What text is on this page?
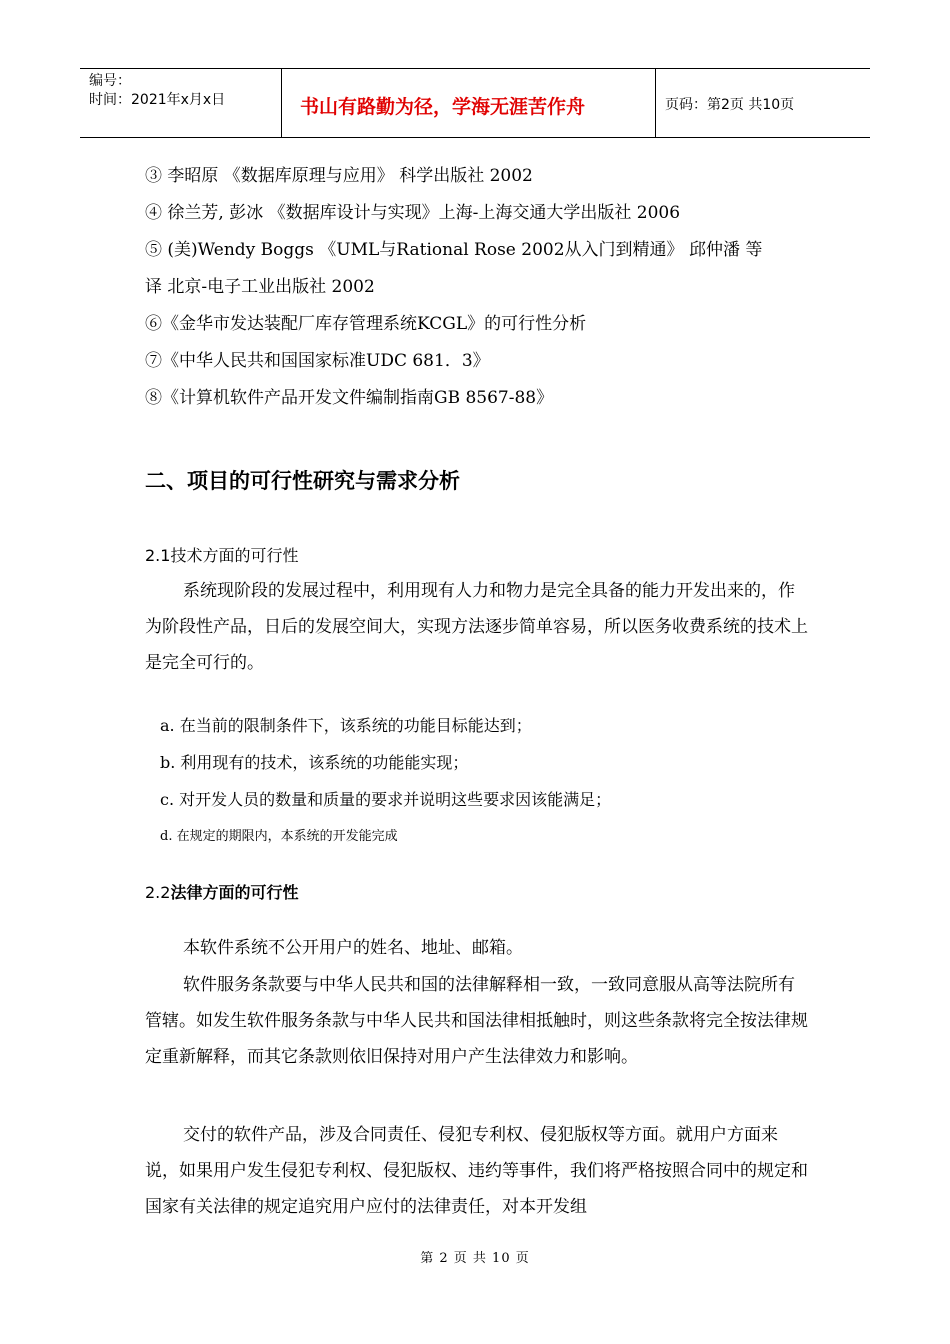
编号：
时间：2021年x月x日	书山有路勤为径，学海无涯苦作舟	页码：第2页 共10页
③ 李昭原 《数据库原理与应用》 科学出版社 2002
④ 徐兰芳, 彭冰 《数据库设计与实现》上海-上海交通大学出版社 2006
⑤ (美)Wendy Boggs 《UML与Rational Rose 2002从入门到精通》 邱仲潘 等
译 北京-电子工业出版社 2002
⑥《金华市发达装配厂库存管理系统KCGL》的可行性分析
⑦《中华人民共和国国家标准UDC 681．3》
⑧《计算机软件产品开发文件编制指南GB 8567-88》
二、项目的可行性研究与需求分析
2.1技术方面的可行性

系统现阶段的发展过程中，利用现有人力和物力是完全具备的能力开发出来的，作为阶段性产品，日后的发展空间大，实现方法逐步简单容易，所以医务收费系统的技术上是完全可行的。

a. 在当前的限制条件下，该系统的功能目标能达到；
b. 利用现有的技术，该系统的功能能实现；
c. 对开发人员的数量和质量的要求并说明这些要求因该能满足；
d. 在规定的期限内，本系统的开发能完成
2.2法律方面的可行性

本软件系统不公开用户的姓名、地址、邮箱。

软件服务条款要与中华人民共和国的法律解释相一致，一致同意服从高等法院所有管辖。如发生软件服务条款与中华人民共和国法律相抵触时，则这些条款将完全按法律规定重新解释，而其它条款则依旧保持对用户产生法律效力和影响。

交付的软件产品，涉及合同责任、侵犯专利权、侵犯版权等方面。就用户方面来说，如果用户发生侵犯专利权、侵犯版权、违约等事件，我们将严格按照合同中的规定和国家有关法律的规定追究用户应付的法律责任，对本开发组

第 2 页 共 10 页
